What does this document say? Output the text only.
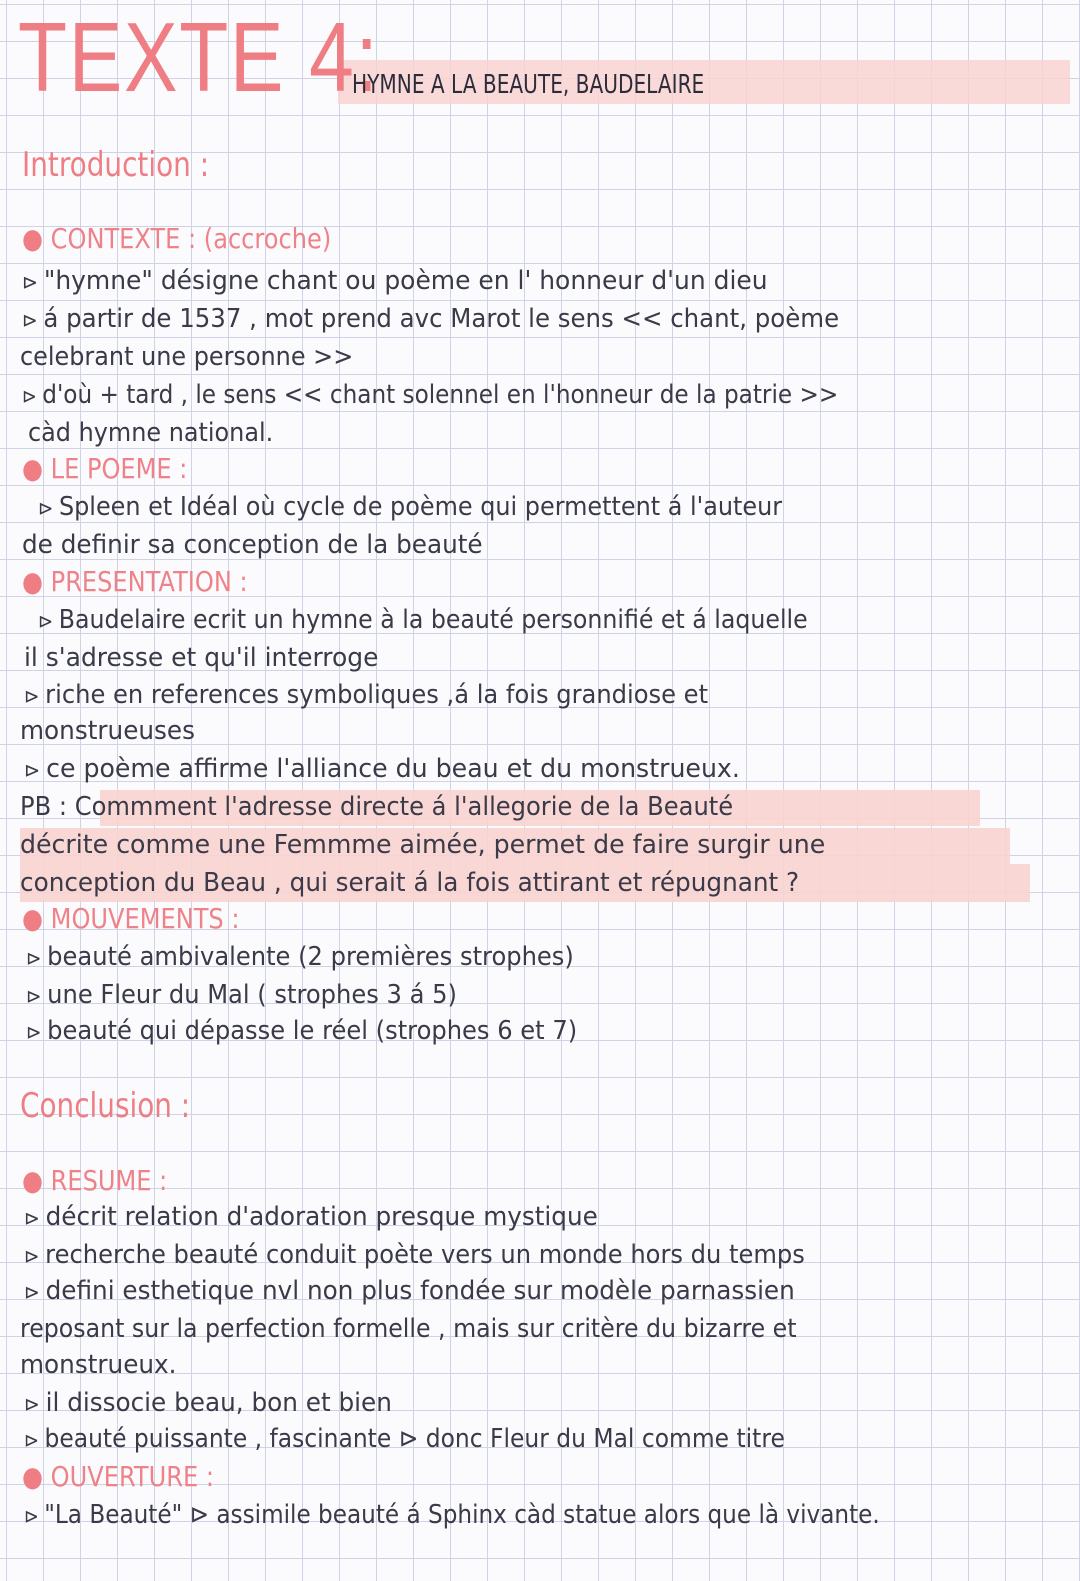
TEXTE 4:
HYMNE A LA BEAUTE, BAUDELAIRE
Introduction :
● CONTEXTE : (accroche)
⊳ "hymne" désigne chant ou poème en l' honneur d'un dieu
⊳ á partir de 1537 , mot prend avc Marot le sens << chant, poème
celebrant une personne >>
⊳ d'où + tard , le sens << chant solennel en l'honneur de la patrie >>
càd hymne national.
● LE POEME :
⊳ Spleen et Idéal où cycle de poème qui permettent á l'auteur
de definir sa conception de la beauté
● PRESENTATION :
⊳ Baudelaire ecrit un hymne à la beauté personnifié et á laquelle
il s'adresse et qu'il interroge
⊳ riche en references symboliques ,á la fois grandiose et
monstrueuses
⊳ ce poème affirme l'alliance du beau et du monstrueux.
PB : Commment l'adresse directe á l'allegorie de la Beauté
décrite comme une Femmme aimée, permet de faire surgir une
conception du Beau , qui serait á la fois attirant et répugnant ?
● MOUVEMENTS :
⊳ beauté ambivalente (2 premières strophes)
⊳ une Fleur du Mal ( strophes 3 á 5)
⊳ beauté qui dépasse le réel (strophes 6 et 7)
Conclusion :
● RESUME :
⊳ décrit relation d'adoration presque mystique
⊳ recherche beauté conduit poète vers un monde hors du temps
⊳ defini esthetique nvl non plus fondée sur modèle parnassien
reposant sur la perfection formelle , mais sur critère du bizarre et
monstrueux.
⊳ il dissocie beau, bon et bien
⊳ beauté puissante , fascinante ⊳ donc Fleur du Mal comme titre
● OUVERTURE :
⊳ "La Beauté" ⊳ assimile beauté á Sphinx càd statue alors que là vivante.
